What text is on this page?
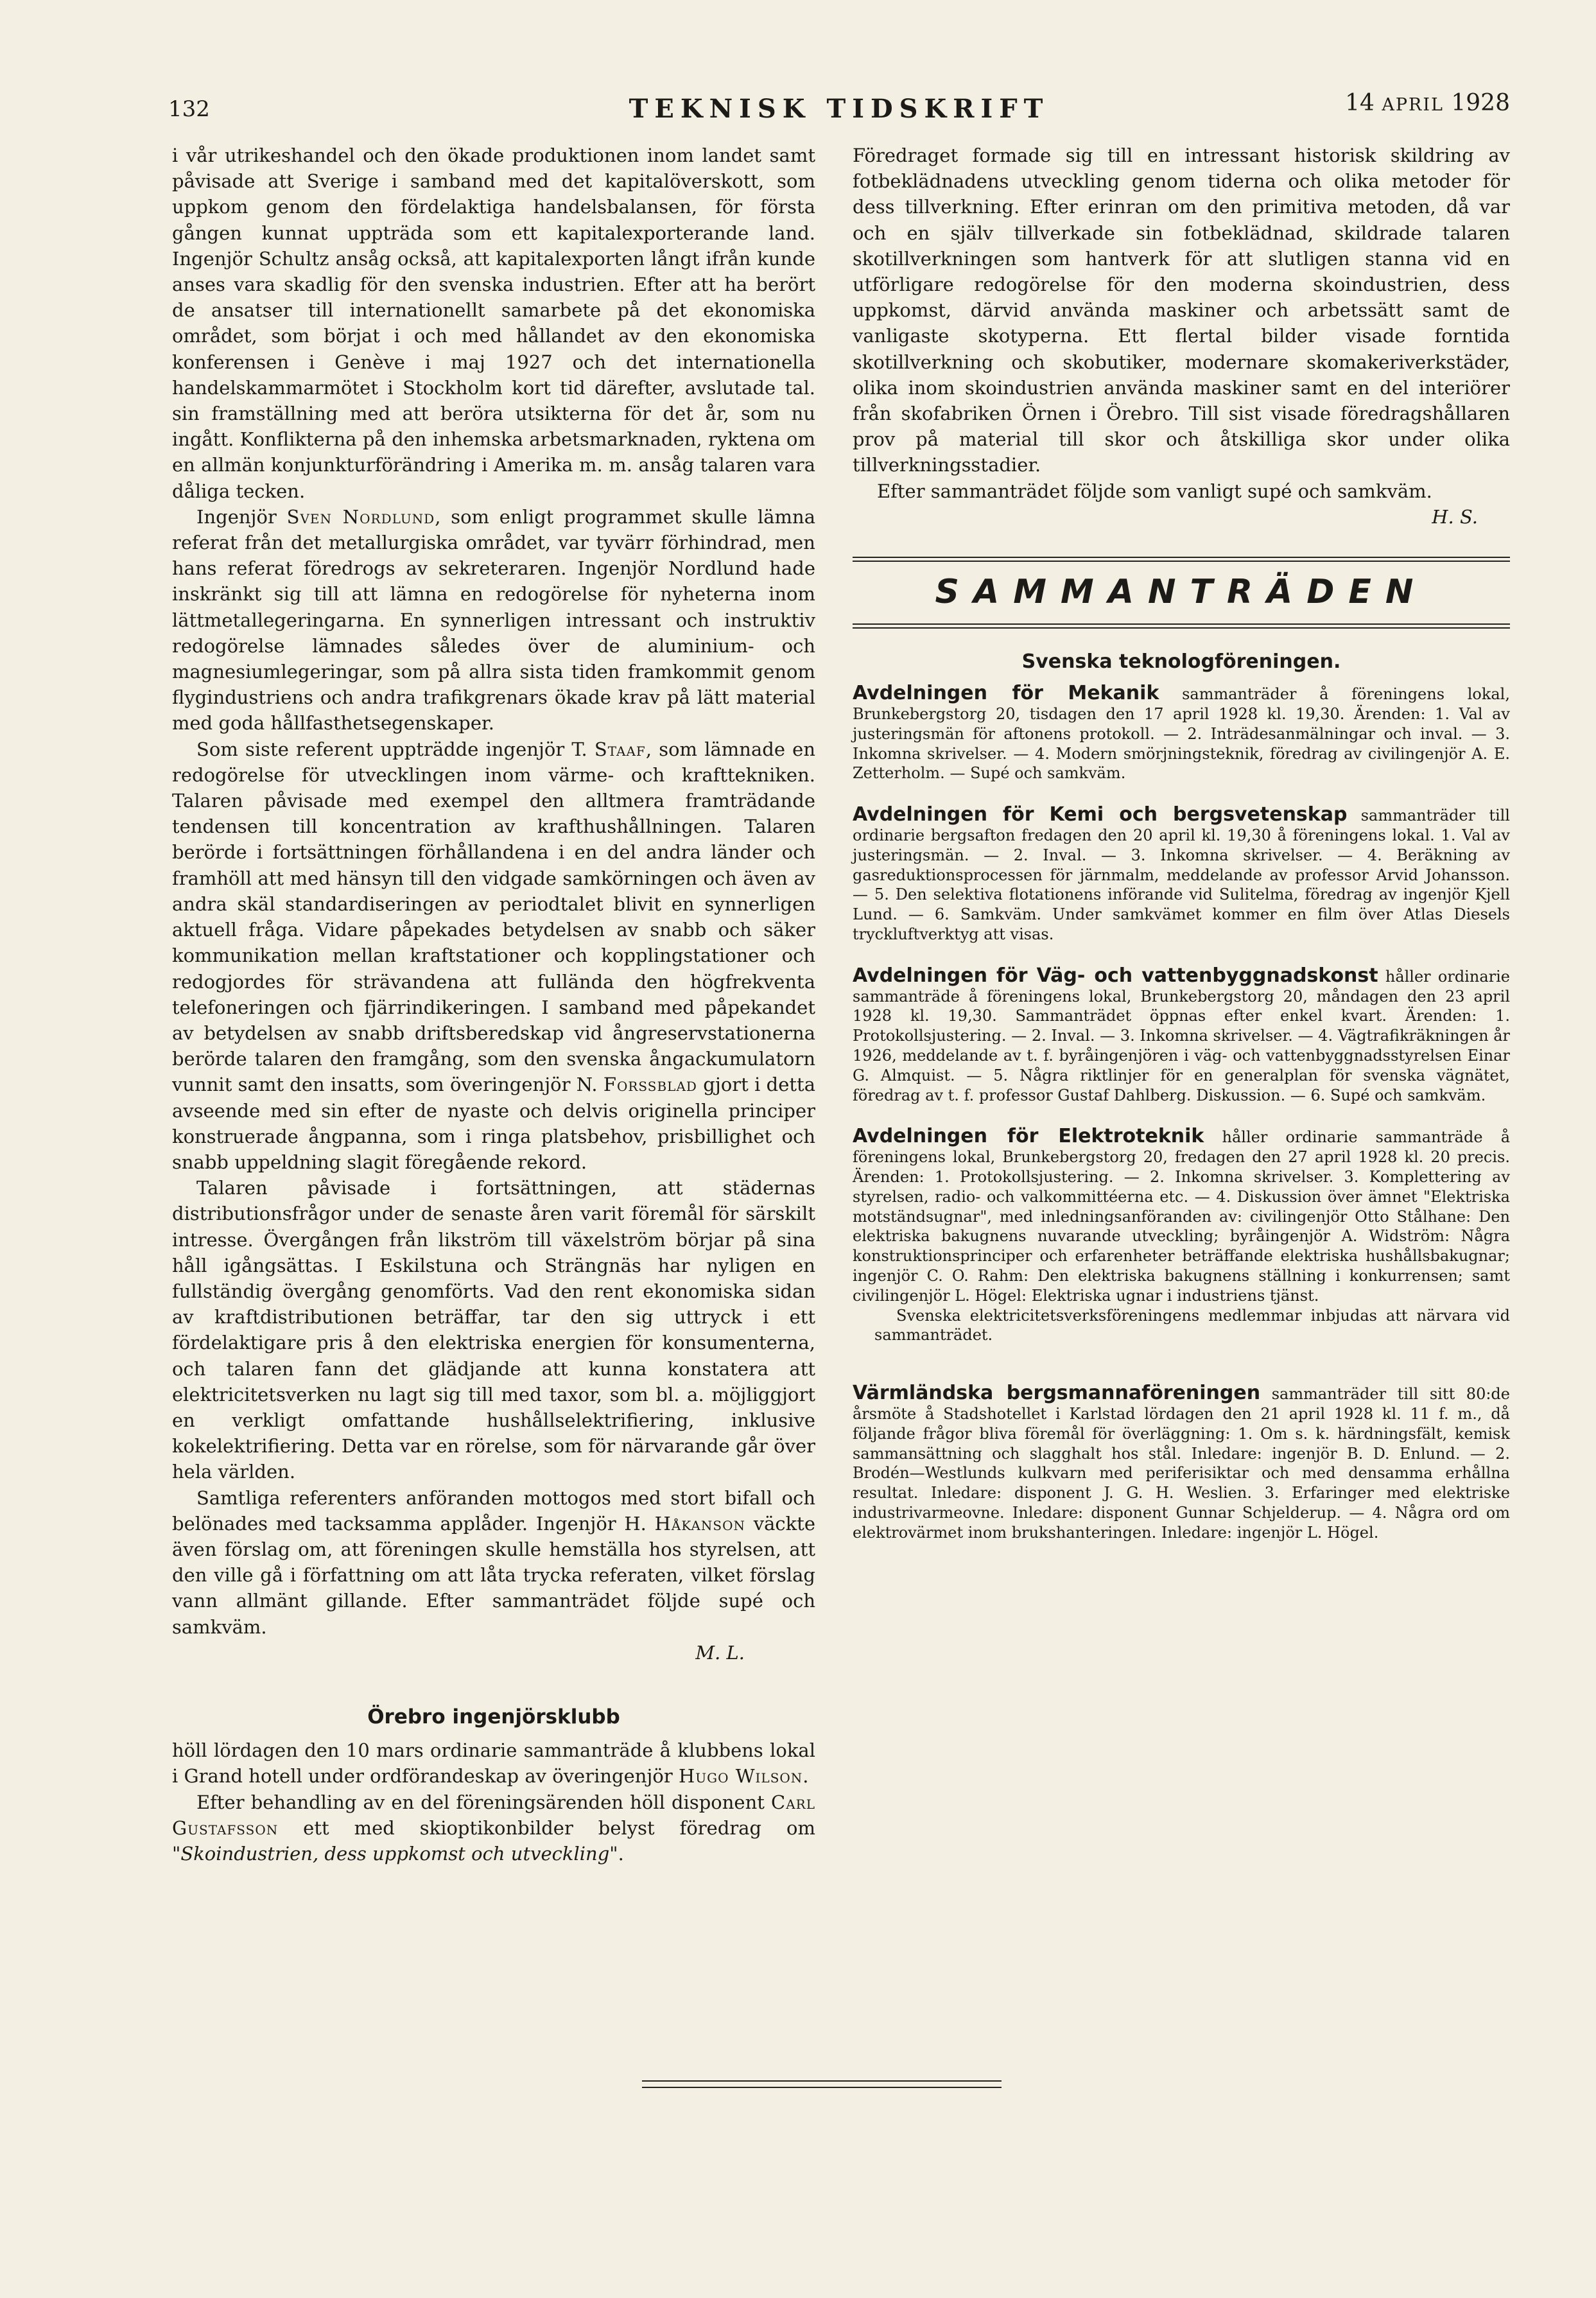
132	TEKNISK TIDSKRIFT	14 APRIL 1928

i vår utrikeshandel och den ökade produktionen inom landet samt påvisade att Sverige i samband med det kapitalöverskott, som uppkom genom den fördelaktiga handelsbalansen, för första gången kunnat uppträda som ett kapitalexporterande land. Ingenjör Schultz ansåg också, att kapitalexporten långt ifrån kunde anses vara skadlig för den svenska industrien. Efter att ha berört de ansatser till internationellt samarbete på det ekonomiska området, som börjat i och med hållandet av den ekonomiska konferensen i Genève i maj 1927 och det internationella handelskammarmötet i Stockholm kort tid därefter, avslutade tal. sin framställning med att beröra utsikterna för det år, som nu ingått. Konflikterna på den inhemska arbetsmarknaden, ryktena om en allmän konjunkturförändring i Amerika m. m. ansåg talaren vara dåliga tecken.

Ingenjör Sven Nordlund, som enligt programmet skulle lämna referat från det metallurgiska området, var tyvärr förhindrad, men hans referat föredrogs av sekreteraren. Ingenjör Nordlund hade inskränkt sig till att lämna en redogörelse för nyheterna inom lättmetallegeringarna. En synnerligen intressant och instruktiv redogörelse lämnades således över de aluminium- och magnesiumlegeringar, som på allra sista tiden framkommit genom flygindustriens och andra trafikgrenars ökade krav på lätt material med goda hållfasthetsegenskaper.

Som siste referent uppträdde ingenjör T. Staaf, som lämnade en redogörelse för utvecklingen inom värme- och krafttekniken. Talaren påvisade med exempel den alltmera framträdande tendensen till koncentration av krafthushållningen. Talaren berörde i fortsättningen förhållandena i en del andra länder och framhöll att med hänsyn till den vidgade samkörningen och även av andra skäl standardiseringen av periodtalet blivit en synnerligen aktuell fråga. Vidare påpekades betydelsen av snabb och säker kommunikation mellan kraftstationer och kopplingstationer och redogjordes för strävandena att fullända den högfrekventa telefoneringen och fjärrindikeringen. I samband med påpekandet av betydelsen av snabb driftsberedskap vid ångreservstationerna berörde talaren den framgång, som den svenska ångackumulatorn vunnit samt den insatts, som överingenjör N. Forssblad gjort i detta avseende med sin efter de nyaste och delvis originella principer konstruerade ångpanna, som i ringa platsbehov, prisbillighet och snabb uppeldning slagit föregående rekord.

Talaren påvisade i fortsättningen, att städernas distributionsfrågor under de senaste åren varit föremål för särskilt intresse. Övergången från likström till växelström börjar på sina håll igångsättas. I Eskilstuna och Strängnäs har nyligen en fullständig övergång genomförts. Vad den rent ekonomiska sidan av kraftdistributionen beträffar, tar den sig uttryck i ett fördelaktigare pris å den elektriska energien för konsumenterna, och talaren fann det glädjande att kunna konstatera att elektricitetsverken nu lagt sig till med taxor, som bl. a. möjliggjort en verkligt omfattande hushållselektrifiering, inklusive kokelektrifiering. Detta var en rörelse, som för närvarande går över hela världen.

Samtliga referenters anföranden mottogos med stort bifall och belönades med tacksamma applåder. Ingenjör H. Håkanson väckte även förslag om, att föreningen skulle hemställa hos styrelsen, att den ville gå i författning om att låta trycka referaten, vilket förslag vann allmänt gillande. Efter sammanträdet följde supé och samkväm.

M. L.
Örebro ingenjörsklubb

höll lördagen den 10 mars ordinarie sammanträde å klubbens lokal i Grand hotell under ordförandeskap av överingenjör Hugo Wilson.

Efter behandling av en del föreningsärenden höll disponent Carl Gustafsson ett med skioptikonbilder belyst föredrag om "Skoindustrien, dess uppkomst och utveckling".

Föredraget formade sig till en intressant historisk skildring av fotbeklädnadens utveckling genom tiderna och olika metoder för dess tillverkning. Efter erinran om den primitiva metoden, då var och en själv tillverkade sin fotbeklädnad, skildrade talaren skotillverkningen som hantverk för att slutligen stanna vid en utförligare redogörelse för den moderna skoindustrien, dess uppkomst, därvid använda maskiner och arbetssätt samt de vanligaste skotyperna. Ett flertal bilder visade forntida skotillverkning och skobutiker, modernare skomakeriverkstäder, olika inom skoindustrien använda maskiner samt en del interiörer från skofabriken Örnen i Örebro. Till sist visade föredragshållaren prov på material till skor och åtskilliga skor under olika tillverkningsstadier.

Efter sammanträdet följde som vanligt supé och samkväm.

H. S.
SAMMANTRÄDEN
Svenska teknologföreningen.
Avdelningen för Mekanik sammanträder å föreningens lokal, Brunkebergstorg 20, tisdagen den 17 april 1928 kl. 19,30. Ärenden: 1. Val av justeringsmän för aftonens protokoll. — 2. Inträdesanmälningar och inval. — 3. Inkomna skrivelser. — 4. Modern smörjningsteknik, föredrag av civilingenjör A. E. Zetterholm. — Supé och samkväm.
Avdelningen för Kemi och bergsvetenskap sammanträder till ordinarie bergsafton fredagen den 20 april kl. 19,30 å föreningens lokal. 1. Val av justeringsmän. — 2. Inval. — 3. Inkomna skrivelser. — 4. Beräkning av gasreduktionsprocessen för järnmalm, meddelande av professor Arvid Johansson. — 5. Den selektiva flotationens införande vid Sulitelma, föredrag av ingenjör Kjell Lund. — 6. Samkväm. Under samkvämet kommer en film över Atlas Diesels tryckluftverktyg att visas.
Avdelningen för Väg- och vattenbyggnadskonst håller ordinarie sammanträde å föreningens lokal, Brunkebergstorg 20, måndagen den 23 april 1928 kl. 19,30. Sammanträdet öppnas efter enkel kvart. Ärenden: 1. Protokollsjustering. — 2. Inval. — 3. Inkomna skrivelser. — 4. Vägtrafikräkningen år 1926, meddelande av t. f. byråingenjören i väg- och vattenbyggnadsstyrelsen Einar G. Almquist. — 5. Några riktlinjer för en generalplan för svenska vägnätet, föredrag av t. f. professor Gustaf Dahlberg. Diskussion. — 6. Supé och samkväm.
Avdelningen för Elektroteknik håller ordinarie sammanträde å föreningens lokal, Brunkebergstorg 20, fredagen den 27 april 1928 kl. 20 precis. Ärenden: 1. Protokollsjustering. — 2. Inkomna skrivelser. 3. Komplettering av styrelsen, radio- och valkommittéerna etc. — 4. Diskussion över ämnet "Elektriska motständsugnar", med inledningsanföranden av: civilingenjör Otto Stålhane: Den elektriska bakugnens nuvarande utveckling; byråingenjör A. Widström: Några konstruktionsprinciper och erfarenheter beträffande elektriska hushållsbakugnar; ingenjör C. O. Rahm: Den elektriska bakugnens ställning i konkurrensen; samt civilingenjör L. Högel: Elektriska ugnar i industriens tjänst.

Svenska elektricitetsverksföreningens medlemmar inbjudas att närvara vid sammanträdet.

Värmländska bergsmannaföreningen sammanträder till sitt 80:de årsmöte å Stadshotellet i Karlstad lördagen den 21 april 1928 kl. 11 f. m., då följande frågor bliva föremål för överläggning: 1. Om s. k. härdningsfält, kemisk sammansättning och slagghalt hos stål. Inledare: ingenjör B. D. Enlund. — 2. Brodén—Westlunds kulkvarn med periferisiktar och med densamma erhållna resultat. Inledare: disponent J. G. H. Weslien. 3. Erfaringer med elektriske industrivarmeovne. Inledare: disponent Gunnar Schjelderup. — 4. Några ord om elektrovärmet inom brukshanteringen. Inledare: ingenjör L. Högel.
